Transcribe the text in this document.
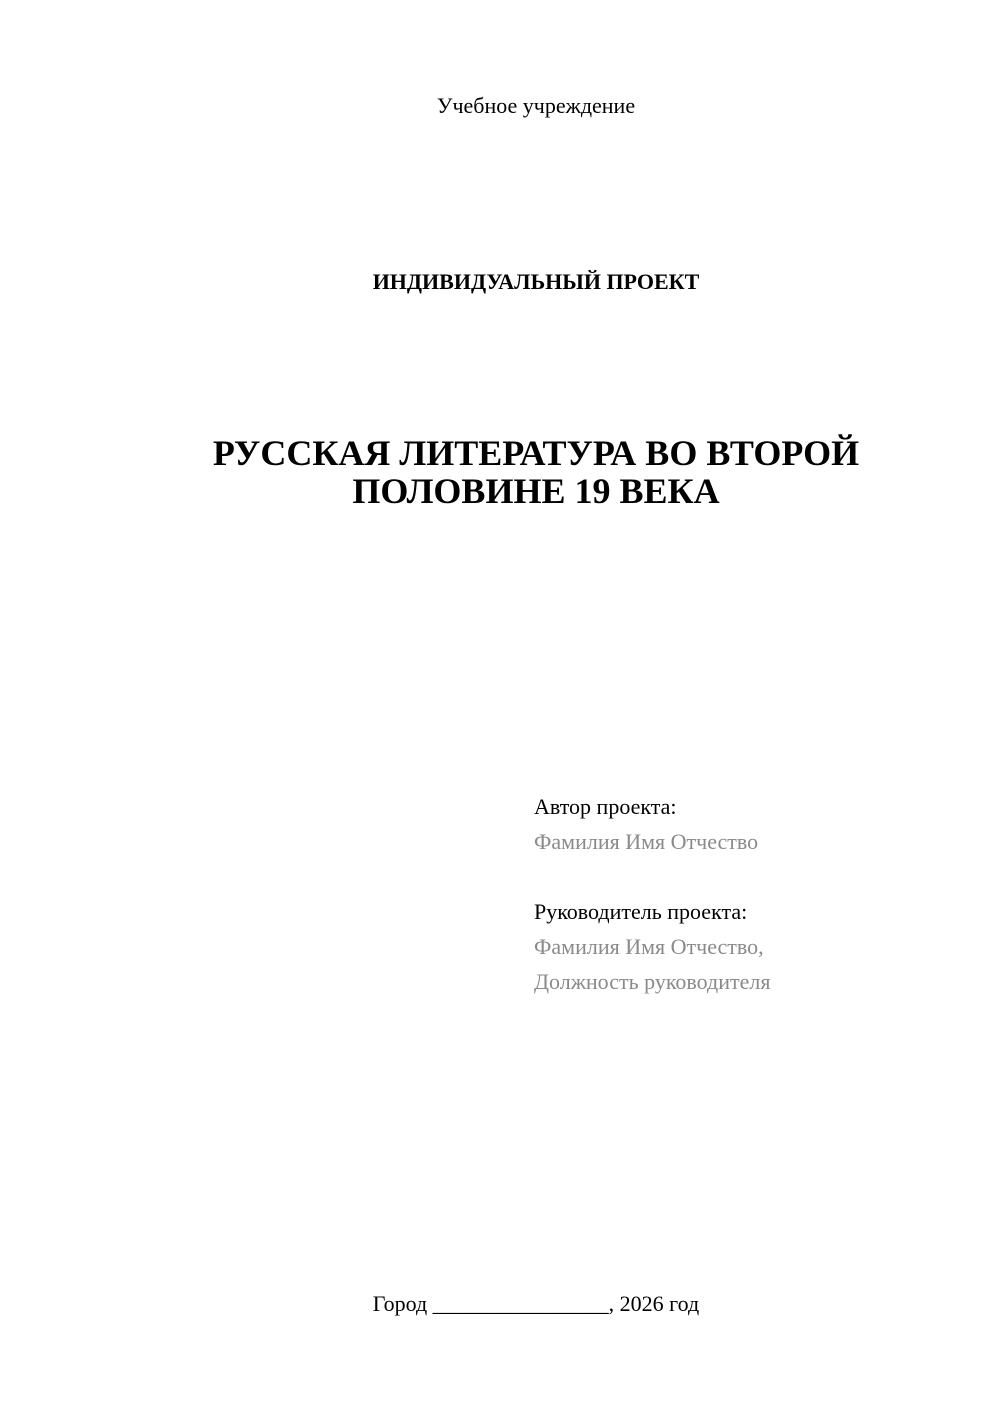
Учебное учреждение
ИНДИВИДУАЛЬНЫЙ ПРОЕКТ
РУССКАЯ ЛИТЕРАТУРА ВО ВТОРОЙ
ПОЛОВИНЕ 19 ВЕКА
Автор проекта:
Фамилия Имя Отчество
Руководитель проекта:
Фамилия Имя Отчество,
Должность руководителя
Город ________________, 2026 год
